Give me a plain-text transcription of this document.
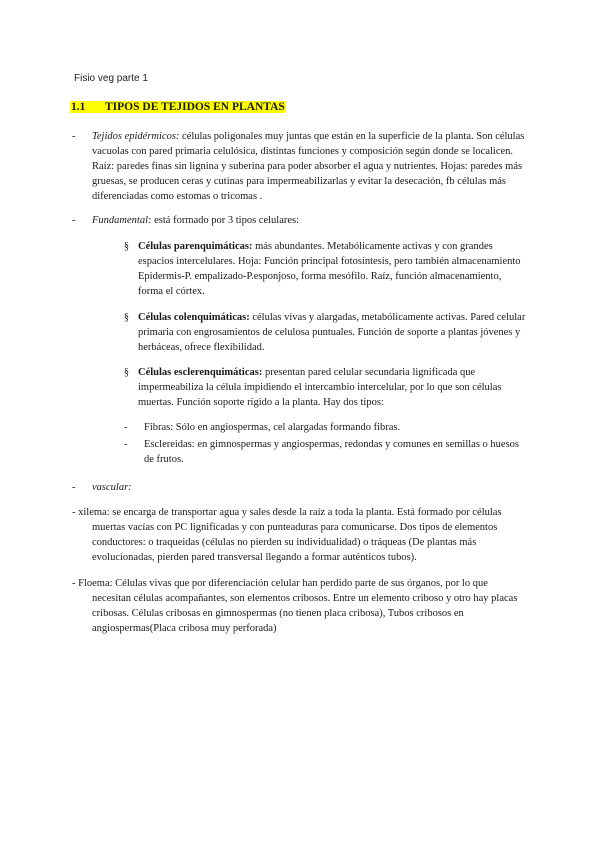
Fisio veg parte 1
1.1 TIPOS DE TEJIDOS EN PLANTAS
- Tejidos epidérmicos: células poligonales muy juntas que están en la superficie de la planta. Son células vacuolas con pared primaria celulósica, distintas funciones y composición según donde se localicen. Raíz: paredes finas sin lignina y suberina para poder absorber el agua y nutrientes. Hojas: paredes más gruesas, se producen ceras y cutinas para impermeabilizarlas y evitar la desecación, fb células más diferenciadas como estomas o tricomas .
- Fundamental: está formado por 3 tipos celulares:
§ Células parenquimáticas: más abundantes. Metabólicamente activas y con grandes espacios intercelulares. Hoja: Función principal fotosíntesis, pero también almacenamiento Epidermis-P. empalizado-P.esponjoso, forma mesófilo. Raíz, función almacenamiento, forma el córtex.
§ Células colenquimáticas: células vivas y alargadas, metabólicamente activas. Pared celular primaria con engrosamientos de celulosa puntuales. Función de soporte a plantas jóvenes y herbáceas, ofrece flexibilidad.
§ Células esclerenquimáticas: presentan pared celular secundaria lignificada que impermeabiliza la célula impidiendo el intercambio intercelular, por lo que son células muertas. Función soporte rígido a la planta. Hay dos tipos:
- Fibras: Sólo en angiospermas, cel alargadas formando fibras.
- Esclereidas: en gimnospermas y angiospermas, redondas y comunes en semillas o huesos de frutos.
- vascular:
- xilema: se encarga de transportar agua y sales desde la raíz a toda la planta. Está formado por células muertas vacías con PC lignificadas y con punteaduras para comunicarse. Dos tipos de elementos conductores: o traqueidas (células no pierden su individualidad) o tráqueas (De plantas más evolucionadas, pierden pared transversal llegando a formar auténticos tubos).
- Floema: Células vivas que por diferenciación celular han perdido parte de sus órganos, por lo que necesitan células acompañantes, son elementos cribosos. Entre un elemento criboso y otro hay placas cribosas. Células cribosas en gimnospermas (no tienen placa cribosa), Tubos cribosos en angiospermas(Placa cribosa muy perforada)
